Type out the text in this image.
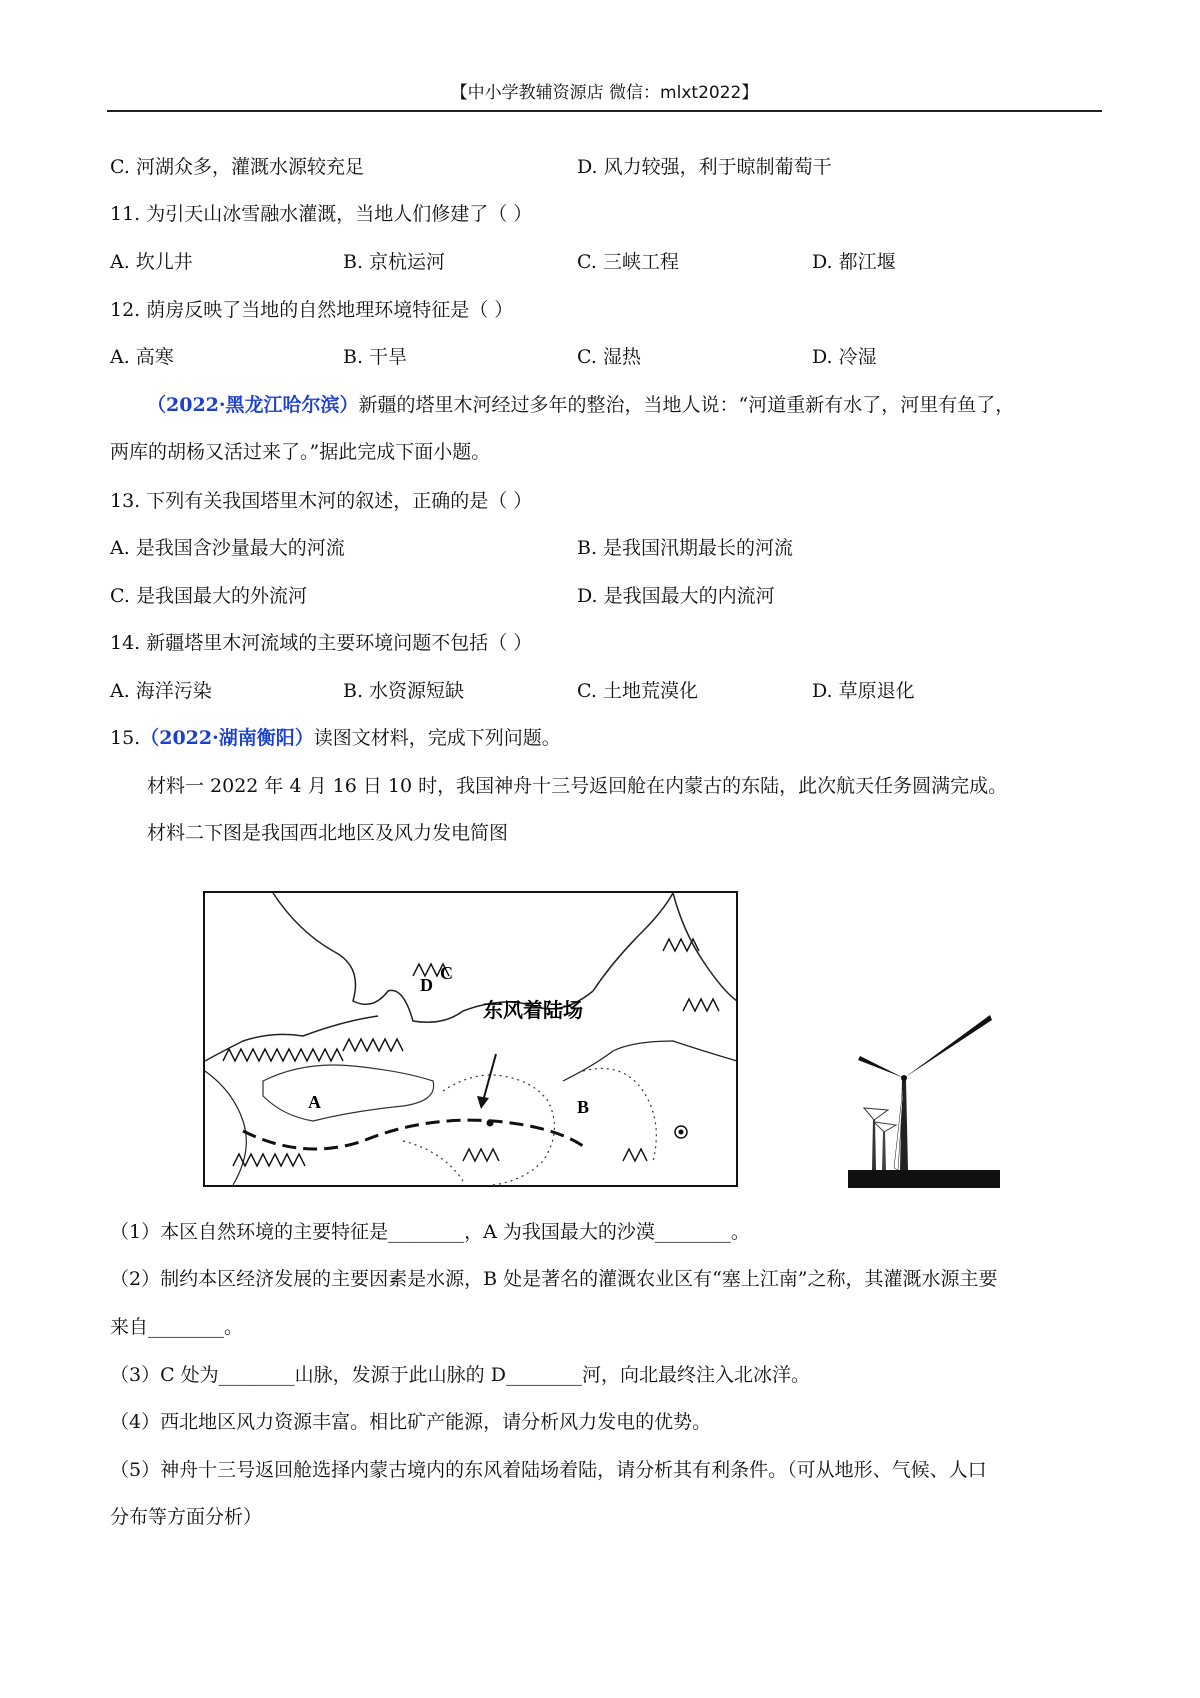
【中小学教辅资源店 微信：mlxt2022】
C. 河湖众多，灌溉水源较充足	D. 风力较强，利于晾制葡萄干
11. 为引天山冰雪融水灌溉，当地人们修建了（ ）
A. 坎儿井	B. 京杭运河	C. 三峡工程	D. 都江堰
12. 荫房反映了当地的自然地理环境特征是（ ）
A. 高寒	B. 干旱	C. 湿热	D. 冷湿
（2022·黑龙江哈尔滨）新疆的塔里木河经过多年的整治，当地人说：“河道重新有水了，河里有鱼了，
两库的胡杨又活过来了。”据此完成下面小题。
13. 下列有关我国塔里木河的叙述，正确的是（ ）
A. 是我国含沙量最大的河流	B. 是我国汛期最长的河流
C. 是我国最大的外流河	D. 是我国最大的内流河
14. 新疆塔里木河流域的主要环境问题不包括（ ）
A. 海洋污染	B. 水资源短缺	C. 土地荒漠化	D. 草原退化
15.（2022·湖南衡阳）读图文材料，完成下列问题。
材料一 2022 年 4 月 16 日 10 时，我国神舟十三号返回舱在内蒙古的东陆，此次航天任务圆满完成。
材料二下图是我国西北地区及风力发电简图
A	B
C
D
东风着陆场
（1）本区自然环境的主要特征是________，A 为我国最大的沙漠________。
（2）制约本区经济发展的主要因素是水源，B 处是著名的灌溉农业区有“塞上江南”之称，其灌溉水源主要
来自________。
（3）C 处为________山脉，发源于此山脉的 D________河，向北最终注入北冰洋。
（4）西北地区风力资源丰富。相比矿产能源，请分析风力发电的优势。
（5）神舟十三号返回舱选择内蒙古境内的东风着陆场着陆，请分析其有利条件。（可从地形、气候、人口
分布等方面分析）
